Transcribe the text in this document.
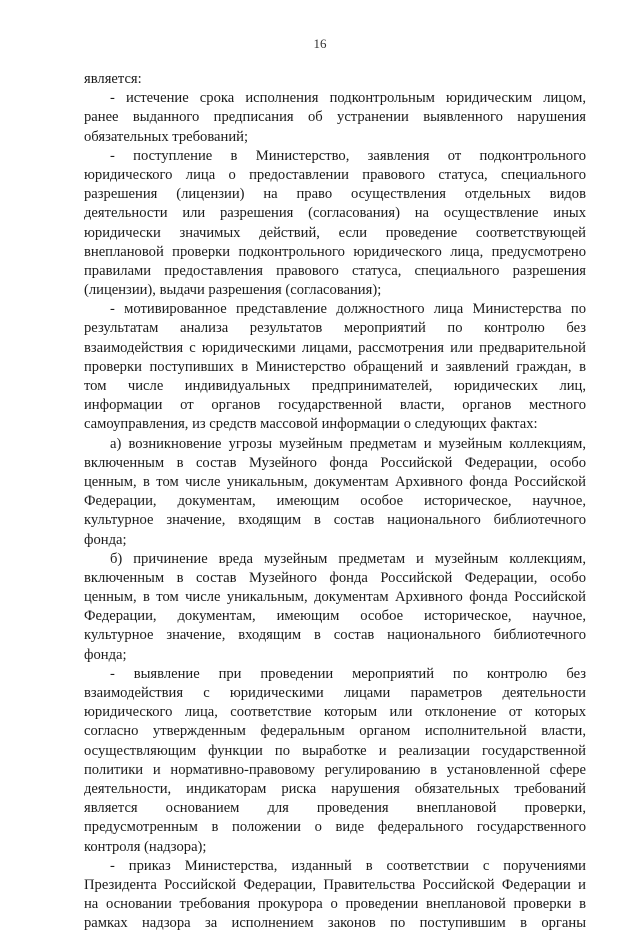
16
является:
- истечение срока исполнения подконтрольным юридическим лицом,
ранее выданного предписания об устранении выявленного нарушения
обязательных требований;
- поступление в Министерство, заявления от подконтрольного
юридического лица о предоставлении правового статуса, специального
разрешения (лицензии) на право осуществления отдельных видов
деятельности или разрешения (согласования) на осуществление иных
юридически значимых действий, если проведение соответствующей
внеплановой проверки подконтрольного юридического лица, предусмотрено
правилами предоставления правового статуса, специального разрешения
(лицензии), выдачи разрешения (согласования);
- мотивированное представление должностного лица Министерства по
результатам анализа результатов мероприятий по контролю без
взаимодействия с юридическими лицами, рассмотрения или предварительной
проверки поступивших в Министерство обращений и заявлений граждан, в
том числе индивидуальных предпринимателей, юридических лиц,
информации от органов государственной власти, органов местного
самоуправления, из средств массовой информации о следующих фактах:
а) возникновение угрозы музейным предметам и музейным коллекциям,
включенным в состав Музейного фонда Российской Федерации, особо
ценным, в том числе уникальным, документам Архивного фонда Российской
Федерации, документам, имеющим особое историческое, научное,
культурное значение, входящим в состав национального библиотечного
фонда;
б) причинение вреда музейным предметам и музейным коллекциям,
включенным в состав Музейного фонда Российской Федерации, особо
ценным, в том числе уникальным, документам Архивного фонда Российской
Федерации, документам, имеющим особое историческое, научное,
культурное значение, входящим в состав национального библиотечного
фонда;
- выявление при проведении мероприятий по контролю без
взаимодействия с юридическими лицами параметров деятельности
юридического лица, соответствие которым или отклонение от которых
согласно утвержденным федеральным органом исполнительной власти,
осуществляющим функции по выработке и реализации государственной
политики и нормативно-правовому регулированию в установленной сфере
деятельности, индикаторам риска нарушения обязательных требований
является основанием для проведения внеплановой проверки,
предусмотренным в положении о виде федерального государственного
контроля (надзора);
- приказ Министерства, изданный в соответствии с поручениями
Президента Российской Федерации, Правительства Российской Федерации и
на основании требования прокурора о проведении внеплановой проверки в
рамках надзора за исполнением законов по поступившим в органы
